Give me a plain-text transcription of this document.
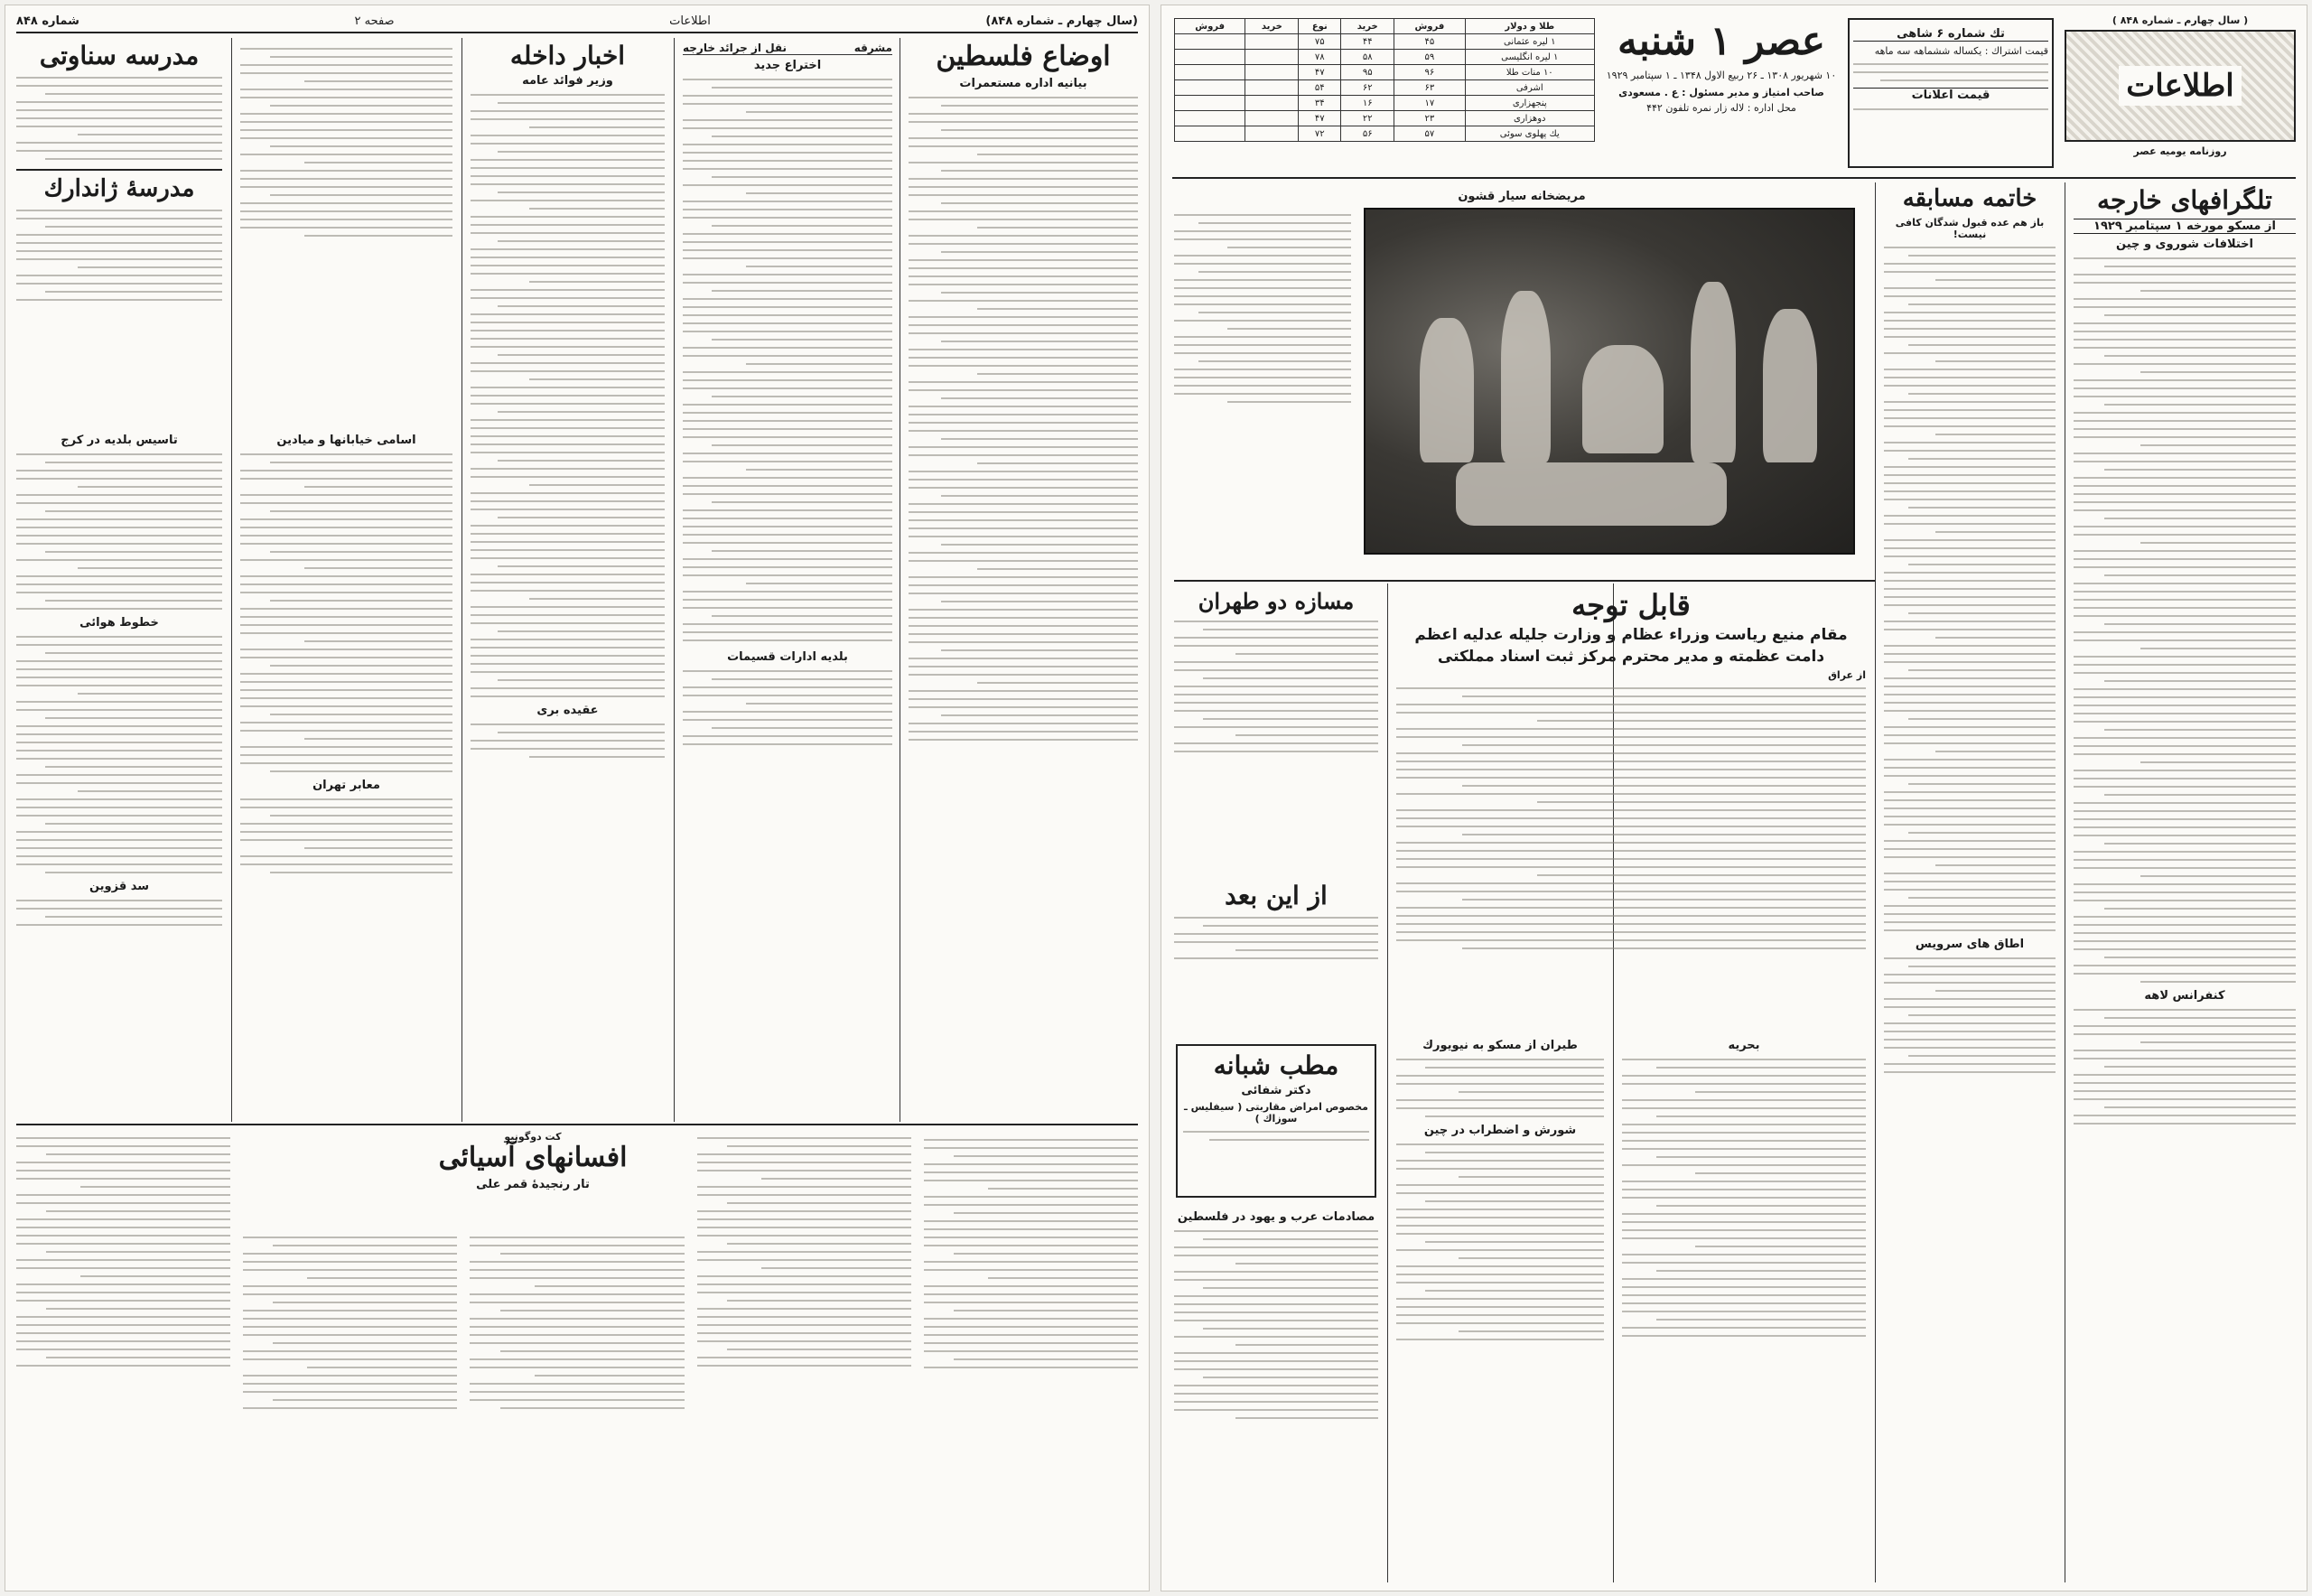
(سال چهارم ـ شماره ۸۴۸)
اطلاعات
صفحه ۲
شماره ۸۴۸
اوضاع فلسطين
بيانيه اداره مستعمرات
مشرقه
نقل از جرائد خارجه
اختراع جديد
بلديه ادارات قسيمات
اخبار داخله
وزير فوائد عامه
عقيده برى
مدرسه سناوتى
مدرسهٔ ژاندارك
تاسيس بلديه در كرج
خطوط هوائی
سد قزوين
اسامى خيابانها و ميادين
معابر تهران
كت دوگونيو
افسانهای آسيائى
تار رنجيدهٔ قمر على
( سال چهارم ـ شماره ۸۴۸ )
اطلاعات
روزنامه يوميه عصر
تك شماره ۶ شاهى
قيمت اشتراك : يكساله ششماهه سه ماهه
قيمت اعلانات
عصر ۱ شنبه
۱۰ شهريور ۱۳۰۸ ـ ۲۶ ربيع الاول ۱۳۴۸ ـ ۱ سپتامبر ۱۹۲۹
صاحب امتياز و مدير مسئول : ع . مسعودى
محل اداره : لاله زار نمره تلفون ۴۴۲
طلا و دولار	فروش	خريد	نوع	خريد	فروش
۱ ليره عثمانى	۴۵	۴۴	۷۵		
۱ ليره انگليسى	۵۹	۵۸	۷۸		
۱۰ منات طلا	۹۶	۹۵	۴۷		
اشرفى	۶۳	۶۲	۵۴		
پنجهزارى	۱۷	۱۶	۳۴		
دوهزارى	۲۳	۲۲	۴۷		
يك پهلوى سوئى	۵۷	۵۶	۷۲		
تلگرافهای خارجه
از مسكو مورخه ۱ سپتامبر ۱۹۲۹
اختلافات شوروى و چين
كنفرانس لاهه
خاتمه مسابقه
باز هم عده قبول شدگان كافى نيست!
اطاق های سرويس
مريضخانه سيار قشون
قابل توجه
مقام منيع رياست وزراء عظام و وزارت جليله عدليه اعظم
دامت عظمته و مدير محترم مركز ثبت اسناد مملكتى
از عراق
مسازه دو طهران
از اين بعد
مطب شبانه
دكتر شفائى
مخصوص امراض مقاربتى ( سيفليس ـ سوزاك )
طيران از مسكو به نيويورك
شورش و اضطراب در چين
مصادمات عرب و يهود در فلسطين
بحريه
